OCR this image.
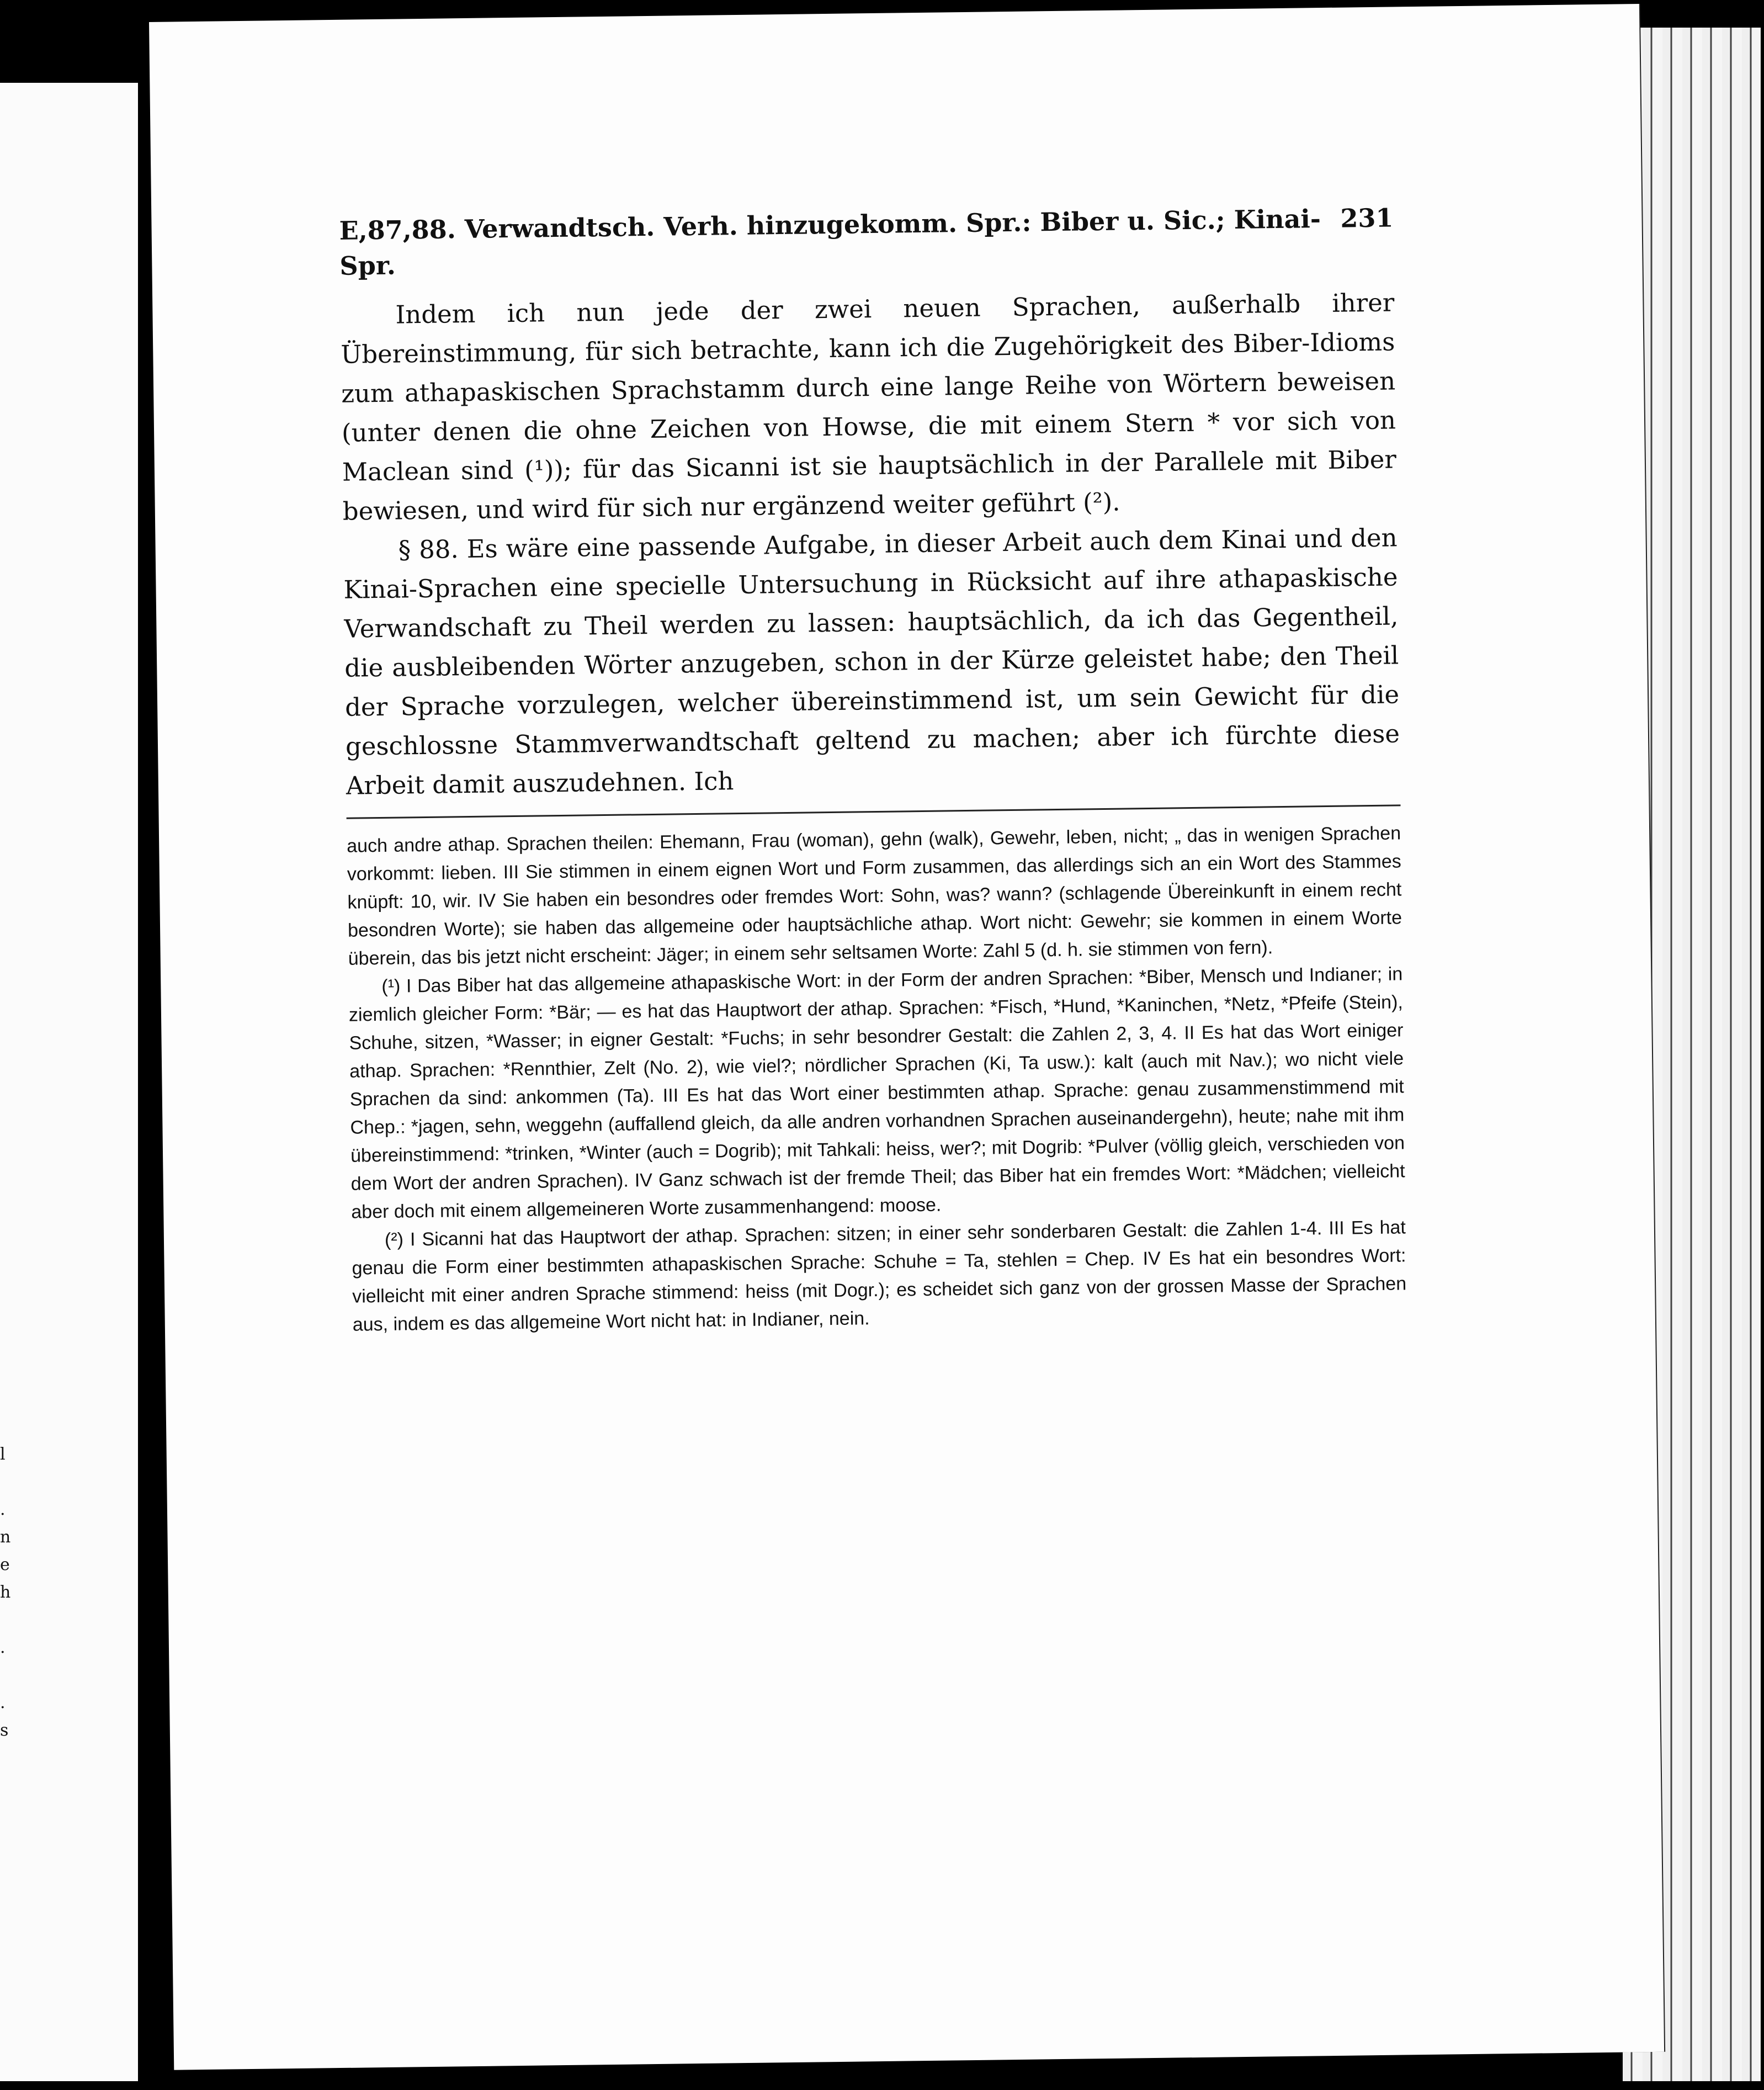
l

.
n
e
h

.

.
s
E,87,88. Verwandtsch. Verh. hinzugekomm. Spr.: Biber u. Sic.; Kinai-Spr.
231

Indem ich nun jede der zwei neuen Sprachen, außerhalb ihrer Übereinstimmung, für sich betrachte, kann ich die Zugehörigkeit des Biber-Idioms zum athapaskischen Sprachstamm durch eine lange Reihe von Wörtern beweisen (unter denen die ohne Zeichen von Howse, die mit einem Stern * vor sich von Maclean sind (¹)); für das Sicanni ist sie hauptsächlich in der Parallele mit Biber bewiesen, und wird für sich nur ergänzend weiter geführt (²).

§ 88. Es wäre eine passende Aufgabe, in dieser Arbeit auch dem Kinai und den Kinai-Sprachen eine specielle Untersuchung in Rücksicht auf ihre athapaskische Verwandschaft zu Theil werden zu lassen: hauptsächlich, da ich das Gegentheil, die ausbleibenden Wörter anzugeben, schon in der Kürze geleistet habe; den Theil der Sprache vorzulegen, welcher übereinstimmend ist, um sein Gewicht für die geschlossne Stammverwandtschaft geltend zu machen; aber ich fürchte diese Arbeit damit auszudehnen. Ich

auch andre athap. Sprachen theilen: Ehemann, Frau (woman), gehn (walk), Gewehr, leben, nicht; „ das in wenigen Sprachen vorkommt: lieben. III Sie stimmen in einem eignen Wort und Form zusammen, das allerdings sich an ein Wort des Stammes knüpft: 10, wir. IV Sie haben ein besondres oder fremdes Wort: Sohn, was? wann? (schlagende Übereinkunft in einem recht besondren Worte); sie haben das allgemeine oder hauptsächliche athap. Wort nicht: Gewehr; sie kommen in einem Worte überein, das bis jetzt nicht erscheint: Jäger; in einem sehr seltsamen Worte: Zahl 5 (d. h. sie stimmen von fern).

(¹) I Das Biber hat das allgemeine athapaskische Wort: in der Form der andren Sprachen: *Biber, Mensch und Indianer; in ziemlich gleicher Form: *Bär; — es hat das Hauptwort der athap. Sprachen: *Fisch, *Hund, *Kaninchen, *Netz, *Pfeife (Stein), Schuhe, sitzen, *Wasser; in eigner Gestalt: *Fuchs; in sehr besondrer Gestalt: die Zahlen 2, 3, 4. II Es hat das Wort einiger athap. Sprachen: *Rennthier, Zelt (No. 2), wie viel?; nördlicher Sprachen (Ki, Ta usw.): kalt (auch mit Nav.); wo nicht viele Sprachen da sind: ankommen (Ta). III Es hat das Wort einer bestimmten athap. Sprache: genau zusammenstimmend mit Chep.: *jagen, sehn, weggehn (auffallend gleich, da alle andren vorhandnen Sprachen auseinandergehn), heute; nahe mit ihm übereinstimmend: *trinken, *Winter (auch = Dogrib); mit Tahkali: heiss, wer?; mit Dogrib: *Pulver (völlig gleich, verschieden von dem Wort der andren Sprachen). IV Ganz schwach ist der fremde Theil; das Biber hat ein fremdes Wort: *Mädchen; vielleicht aber doch mit einem allgemeineren Worte zusammenhangend: moose.

(²) I Sicanni hat das Hauptwort der athap. Sprachen: sitzen; in einer sehr sonderbaren Gestalt: die Zahlen 1-4. III Es hat genau die Form einer bestimmten athapaskischen Sprache: Schuhe = Ta, stehlen = Chep. IV Es hat ein besondres Wort: vielleicht mit einer andren Sprache stimmend: heiss (mit Dogr.); es scheidet sich ganz von der grossen Masse der Sprachen aus, indem es das allgemeine Wort nicht hat: in Indianer, nein.
